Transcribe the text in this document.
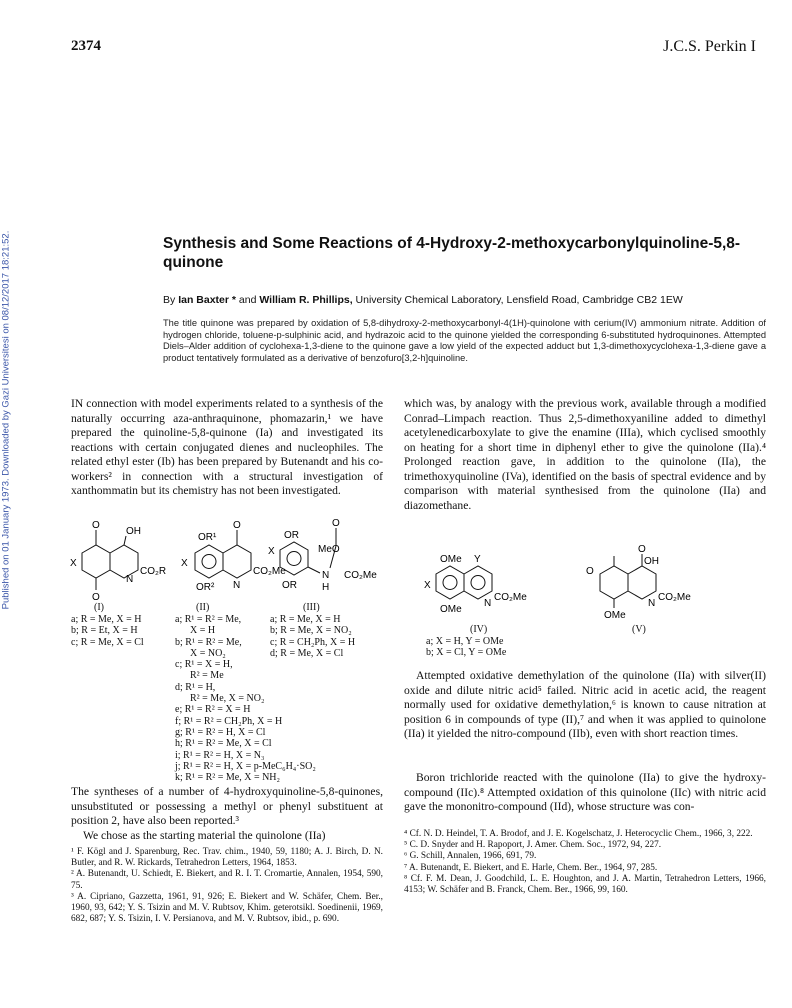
2374	J.C.S. Perkin I
Published on 01 January 1973. Downloaded by Gazi Universitesi on 08/12/2017 18:21:52.	Synthesis and Some Reactions of 4-Hydroxy-2-methoxycarbonylquinoline-5,8-quinone
By Ian Baxter * and William R. Phillips, University Chemical Laboratory, Lensfield Road, Cambridge CB2 1EW
The title quinone was prepared by oxidation of 5,8-dihydroxy-2-methoxycarbonyl-4(1H)-quinolone with cerium(IV) ammonium nitrate. Addition of hydrogen chloride, toluene-p-sulphinic acid, and hydrazoic acid to the quinone yielded the corresponding 6-substituted hydroquinones. Attempted Diels–Alder addition of cyclohexa-1,3-diene to the quinone gave a low yield of the expected adduct but 1,3-dimethoxycyclohexa-1,3-diene gave a product tentatively formulated as a derivative of benzofuro[3,2-h]quinoline.
IN connection with model experiments related to a synthesis of the naturally occurring aza-anthraquinone, phomazarin,¹ we have prepared the quinoline-5,8-quinone (Ia) and investigated its reactions with certain conjugated dienes and nucleophiles. The related ethyl ester (Ib) has been prepared by Butenandt and his co-workers² in connection with a structural investigation of xanthommatin but its chemistry has not been investigated.
O
O
OH
X
N
CO₂R
X
OR¹
O
N
CO₂Me
OR²
X
OR
OR
N
H
MeO
O
CO₂Me
(I)	(II)	(III)
a; R = Me, X = H
b; R = Et, X = H
c; R = Me, X = Cl
a; R¹ = R² = Me,
X = H
b; R¹ = R² = Me,
X = NO₂
c; R¹ = X = H,
R² = Me
d; R¹ = H,
R² = Me, X = NO₂
e; R¹ = R² = X = H
f; R¹ = R² = CH₂Ph, X = H
g; R¹ = R² = H, X = Cl
h; R¹ = R² = Me, X = Cl
i; R¹ = R² = H, X = N₃
j; R¹ = R² = H, X = p-MeC₆H₄·SO₂
k; R¹ = R² = Me, X = NH₂
a; R = Me, X = H
b; R = Me, X = NO₂
c; R = CH₂Ph, X = H
d; R = Me, X = Cl
The syntheses of a number of 4-hydroxyquinoline-5,8-quinones, unsubstituted or possessing a methyl or phenyl substituent at position 2, have also been reported.³
We chose as the starting material the quinolone (IIa)
¹ F. Kögl and J. Sparenburg, Rec. Trav. chim., 1940, 59, 1180; A. J. Birch, D. N. Butler, and R. W. Rickards, Tetrahedron Letters, 1964, 1853.
² A. Butenandt, U. Schiedt, E. Biekert, and R. I. T. Cromartie, Annalen, 1954, 590, 75.
³ A. Cipriano, Gazzetta, 1961, 91, 926; E. Biekert and W. Schäfer, Chem. Ber., 1960, 93, 642; Y. S. Tsizin and M. V. Rubtsov, Khim. geterotsikl. Soedinenii, 1969, 682, 687; Y. S. Tsizin, I. V. Persianova, and M. V. Rubtsov, ibid., p. 690.
which was, by analogy with the previous work, available through a modified Conrad–Limpach reaction. Thus 2,5-dimethoxyaniline added to dimethyl acetylenedicarboxylate to give the enamine (IIIa), which cyclised smoothly on heating for a short time in diphenyl ether to give the quinolone (IIa).⁴ Prolonged reaction gave, in addition to the quinolone (IIa), the trimethoxyquinoline (IVa), identified on the basis of spectral evidence and by comparison with material synthesised from the quinolone (IIa) and diazomethane.
OMe Y
X
OMe
N
CO₂Me
O
O
OH
OMe
N
CO₂Me
(IV)	(V)
a; X = H, Y = OMe
b; X = Cl, Y = OMe
Attempted oxidative demethylation of the quinolone (IIa) with silver(II) oxide and dilute nitric acid⁵ failed. Nitric acid in acetic acid, the reagent normally used for oxidative demethylation,⁶ is known to cause nitration at position 6 in compounds of type (II),⁷ and when it was applied to quinolone (IIa) it yielded the nitro-compound (IIb), even with short reaction times.
Boron trichloride reacted with the quinolone (IIa) to give the hydroxy-compound (IIc).⁸ Attempted oxidation of this quinolone (IIc) with nitric acid gave the mononitro-compound (IId), whose structure was con-
⁴ Cf. N. D. Heindel, T. A. Brodof, and J. E. Kogelschatz, J. Heterocyclic Chem., 1966, 3, 222.
⁵ C. D. Snyder and H. Rapoport, J. Amer. Chem. Soc., 1972, 94, 227.
⁶ G. Schill, Annalen, 1966, 691, 79.
⁷ A. Butenandt, E. Biekert, and E. Harle, Chem. Ber., 1964, 97, 285.
⁸ Cf. F. M. Dean, J. Goodchild, L. E. Houghton, and J. A. Martin, Tetrahedron Letters, 1966, 4153; W. Schäfer and B. Franck, Chem. Ber., 1966, 99, 160.
